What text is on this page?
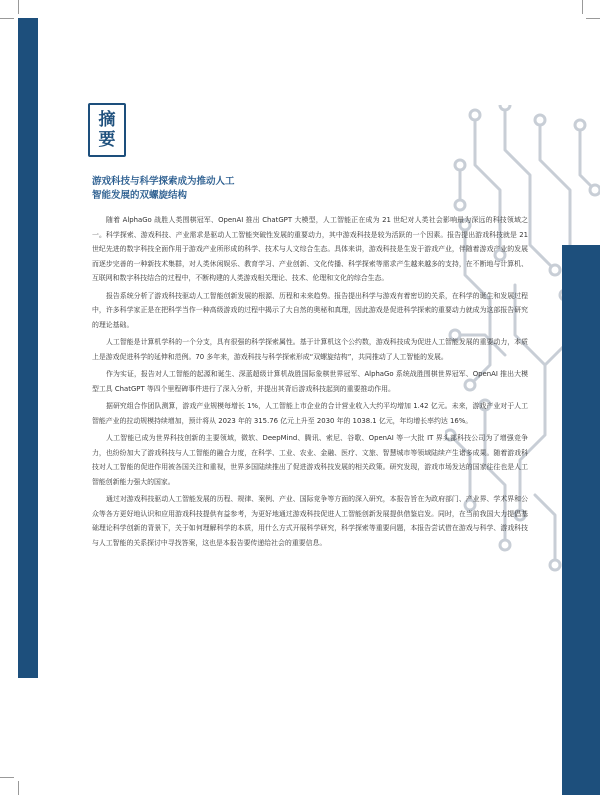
摘
要
游戏科技与科学探索成为推动人工
智能发展的双螺旋结构

随着 AlphaGo 战胜人类围棋冠军、OpenAI 推出 ChatGPT 大模型，人工智能正在成为 21 世纪对人类社会影响最为深远的科技领域之一。科学探索、游戏科技、产业需求是驱动人工智能突破性发展的重要动力，其中游戏科技是较为活跃的一个因素。报告提出游戏科技就是 21 世纪先进的数字科技全面作用于游戏产业所形成的科学、技术与人文综合生态。具体来讲，游戏科技是生发于游戏产业，伴随着游戏产业的发展而逐步完善的一种新技术集群，对人类休闲娱乐、教育学习、产业创新、文化传播、科学探索等需求产生越来越多的支持，在不断地与计算机、互联网和数字科技结合的过程中，不断构建的人类游戏相关理论、技术、伦理和文化的综合生态。

报告系统分析了游戏科技驱动人工智能创新发展的根源、历程和未来趋势。报告提出科学与游戏有着密切的关系，在科学的诞生和发展过程中，许多科学家正是在把科学当作一种高级游戏的过程中揭示了大自然的奥秘和真理，因此游戏是促进科学探索的重要动力就成为这部报告研究的理论基础。

人工智能是计算机学科的一个分支，具有很强的科学探索属性。基于计算机这个公约数，游戏科技成为促进人工智能发展的重要动力，本质上是游戏促进科学的延伸和范例。70 多年来，游戏科技与科学探索形成“双螺旋结构”，共同推动了人工智能的发展。

作为实证，报告对人工智能的起源和诞生、深蓝超级计算机战胜国际象棋世界冠军、AlphaGo 系统战胜围棋世界冠军、OpenAI 推出大模型工具 ChatGPT 等四个里程碑事件进行了深入分析，并提出其背后游戏科技起到的重要推动作用。

据研究组合作团队测算，游戏产业规模每增长 1%，人工智能上市企业的合计营业收入大约平均增加 1.42 亿元。未来，游戏产业对于人工智能产业的拉动规模持续增加，预计将从 2023 年的 315.76 亿元上升至 2030 年的 1038.1 亿元，年均增长率约达 16%。

人工智能已成为世界科技创新的主要领域，微软、DeepMind、腾讯、索尼、谷歌、OpenAI 等一大批 IT 界头部科技公司为了增强竞争力，也纷纷加大了游戏科技与人工智能的融合力度，在科学、工业、农业、金融、医疗、文旅、智慧城市等领域陆续产生诸多成果。随着游戏科技对人工智能的促进作用被各国关注和重视，世界多国陆续推出了促进游戏科技发展的相关政策。研究发现，游戏市场发达的国家往往也是人工智能创新能力强大的国家。

通过对游戏科技驱动人工智能发展的历程、规律、案例、产业、国际竞争等方面的深入研究，本报告旨在为政府部门、产业界、学术界和公众等各方更好地认识和应用游戏科技提供有益参考，为更好地通过游戏科技促进人工智能创新发展提供借鉴启发。同时，在当前我国大力提倡基础理论科学创新的背景下，关于如何理解科学的本质，用什么方式开展科学研究，科学探索等重要问题，本报告尝试借在游戏与科学、游戏科技与人工智能的关系探讨中寻找答案，这也是本报告要传递给社会的重要信息。
